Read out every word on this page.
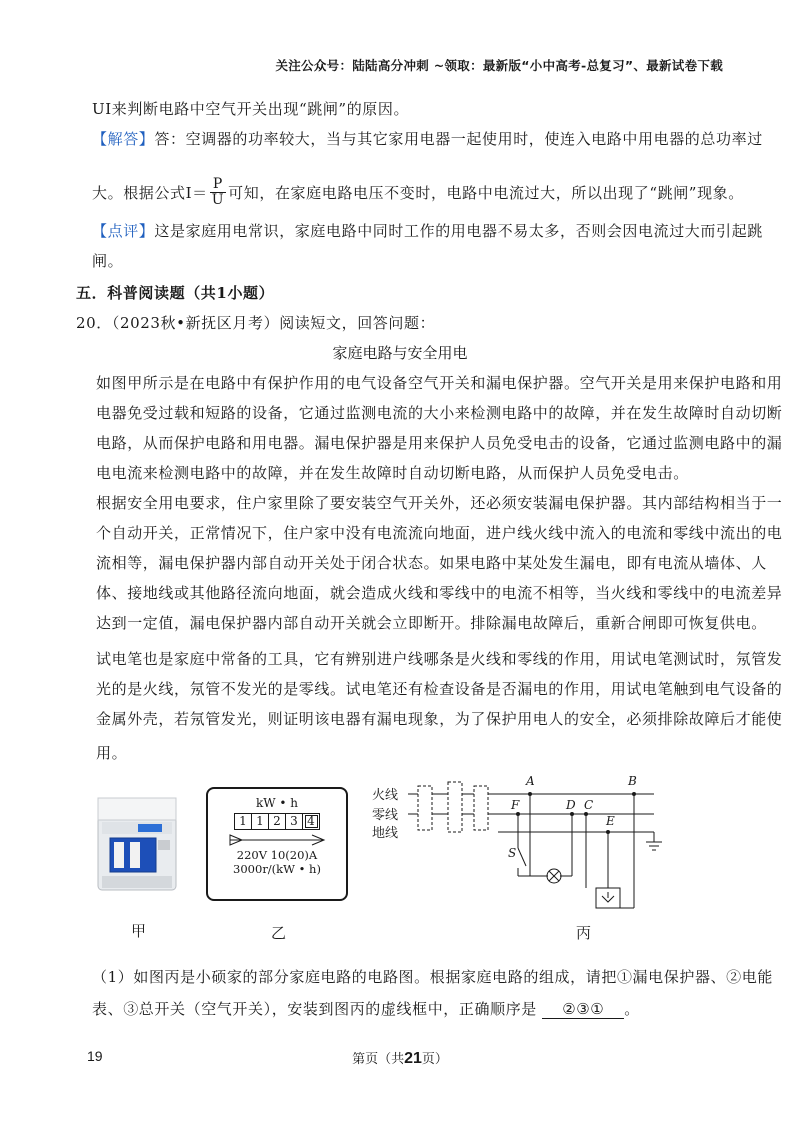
关注公众号：陆陆高分冲刺 ~领取：最新版“小中高考-总复习”、最新试卷下载
UI来判断电路中空气开关出现“跳闸”的原因。
【解答】答：空调器的功率较大，当与其它家用电器一起使用时，使连入电路中用电器的总功率过
大。根据公式$I= \frac{P}{U}$ 可知，在家庭电路电压不变时，电路中电流过大，所以出现了“跳闸”现象。
【点评】这是家庭用电常识，家庭电路中同时工作的用电器不易太多，否则会因电流过大而引起跳
闸。
五．科普阅读题（共1小题）
20．（2023秋•新抚区月考）阅读短文，回答问题：
家庭电路与安全用电
如图甲所示是在电路中有保护作用的电气设备空气开关和漏电保护器。空气开关是用来保护电路和用
电器免受过载和短路的设备，它通过监测电流的大小来检测电路中的故障，并在发生故障时自动切断
电路，从而保护电路和用电器。漏电保护器是用来保护人员免受电击的设备，它通过监测电路中的漏
电电流来检测电路中的故障，并在发生故障时自动切断电路，从而保护人员免受电击。
根据安全用电要求，住户家里除了要安装空气开关外，还必须安装漏电保护器。其内部结构相当于一
个自动开关，正常情况下，住户家中没有电流流向地面，进户线火线中流入的电流和零线中流出的电
流相等，漏电保护器内部自动开关处于闭合状态。如果电路中某处发生漏电，即有电流从墙体、人
体、接地线或其他路径流向地面，就会造成火线和零线中的电流不相等，当火线和零线中的电流差异
达到一定值，漏电保护器内部自动开关就会立即断开。排除漏电故障后，重新合闸即可恢复供电。
试电笔也是家庭中常备的工具，它有辨别进户线哪条是火线和零线的作用，用试电笔测试时，氖管发
光的是火线，氖管不发光的是零线。试电笔还有检查设备是否漏电的作用，用试电笔触到电气设备的
金属外壳，若氖管发光，则证明该电器有漏电现象，为了保护用电人的安全，必须排除故障后才能使
用。
甲
kW • h
1 1 2 3 4
220V 10(20)A
3000r/(kW • h)
乙
火线
零线
地线
A	B
F	D C
E
S
丙
（1）如图丙是小硕家的部分家庭电路的电路图。根据家庭电路的组成，请把①漏电保护器、②电能
表、③总开关（空气开关），安装到图丙的虚线框中，正确顺序是 ②③① 。
19	第页（共21页）
